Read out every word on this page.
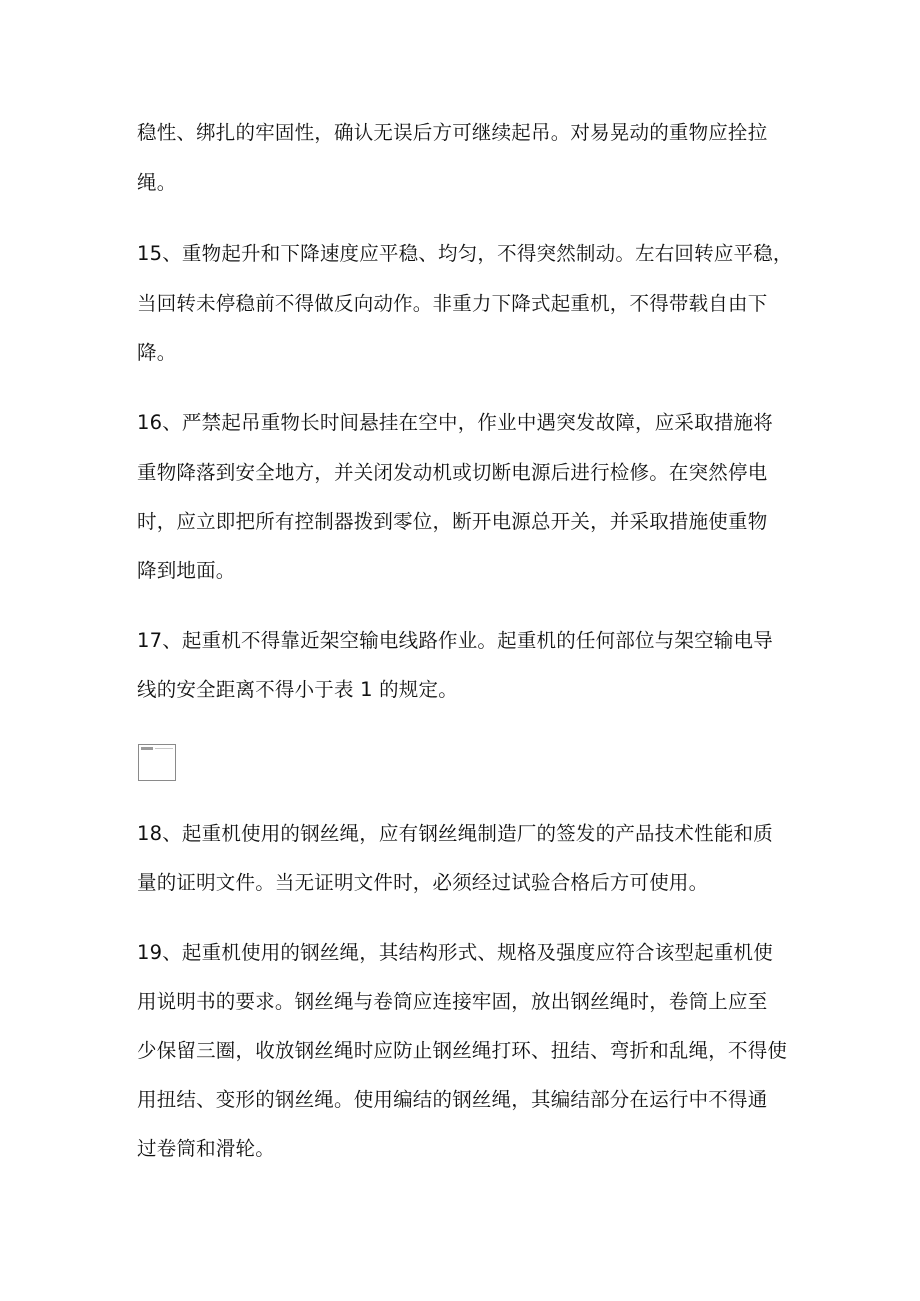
稳性、绑扎的牢固性，确认无误后方可继续起吊。对易晃动的重物应拴拉
绳。
15、重物起升和下降速度应平稳、均匀，不得突然制动。左右回转应平稳，
当回转未停稳前不得做反向动作。非重力下降式起重机，不得带载自由下
降。
16、严禁起吊重物长时间悬挂在空中，作业中遇突发故障，应采取措施将
重物降落到安全地方，并关闭发动机或切断电源后进行检修。在突然停电
时，应立即把所有控制器拨到零位，断开电源总开关，并采取措施使重物
降到地面。
17、起重机不得靠近架空输电线路作业。起重机的任何部位与架空输电导
线的安全距离不得小于表 1 的规定。
18、起重机使用的钢丝绳，应有钢丝绳制造厂的签发的产品技术性能和质
量的证明文件。当无证明文件时，必须经过试验合格后方可使用。
19、起重机使用的钢丝绳，其结构形式、规格及强度应符合该型起重机使
用说明书的要求。钢丝绳与卷筒应连接牢固，放出钢丝绳时，卷筒上应至
少保留三圈，收放钢丝绳时应防止钢丝绳打环、扭结、弯折和乱绳，不得使
用扭结、变形的钢丝绳。使用编结的钢丝绳，其编结部分在运行中不得通
过卷筒和滑轮。
